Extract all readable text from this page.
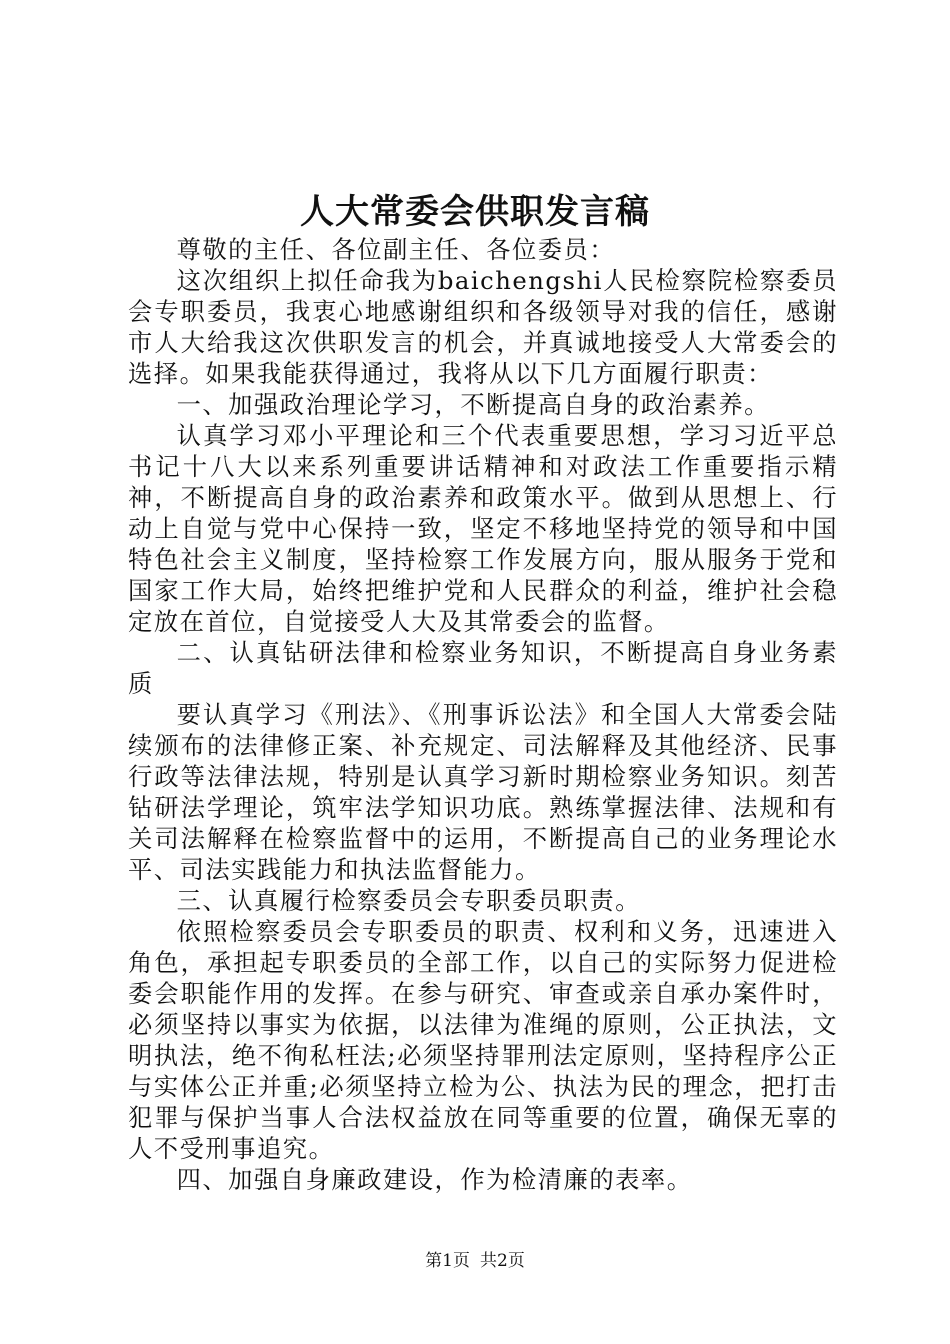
人大常委会供职发言稿

尊敬的主任、各位副主任、各位委员：

这次组织上拟任命我为baichengshi人民检察院检察委员会专职委员，我衷心地感谢组织和各级领导对我的信任，感谢市人大给我这次供职发言的机会，并真诚地接受人大常委会的选择。如果我能获得通过，我将从以下几方面履行职责：

一、加强政治理论学习，不断提高自身的政治素养。

认真学习邓小平理论和三个代表重要思想，学习习近平总书记十八大以来系列重要讲话精神和对政法工作重要指示精神，不断提高自身的政治素养和政策水平。做到从思想上、行动上自觉与党中心保持一致，坚定不移地坚持党的领导和中国特色社会主义制度，坚持检察工作发展方向，服从服务于党和国家工作大局，始终把维护党和人民群众的利益，维护社会稳定放在首位，自觉接受人大及其常委会的监督。

二、认真钻研法律和检察业务知识，不断提高自身业务素质

要认真学习《刑法》、《刑事诉讼法》和全国人大常委会陆续颁布的法律修正案、补充规定、司法解释及其他经济、民事行政等法律法规，特别是认真学习新时期检察业务知识。刻苦钻研法学理论，筑牢法学知识功底。熟练掌握法律、法规和有关司法解释在检察监督中的运用，不断提高自己的业务理论水平、司法实践能力和执法监督能力。

三、认真履行检察委员会专职委员职责。

依照检察委员会专职委员的职责、权利和义务，迅速进入角色，承担起专职委员的全部工作，以自己的实际努力促进检委会职能作用的发挥。在参与研究、审查或亲自承办案件时，必须坚持以事实为依据，以法律为准绳的原则，公正执法，文明执法，绝不徇私枉法;必须坚持罪刑法定原则，坚持程序公正与实体公正并重;必须坚持立检为公、执法为民的理念，把打击犯罪与保护当事人合法权益放在同等重要的位置，确保无辜的人不受刑事追究。

四、加强自身廉政建设，作为检清廉的表率。

第1页 共2页
